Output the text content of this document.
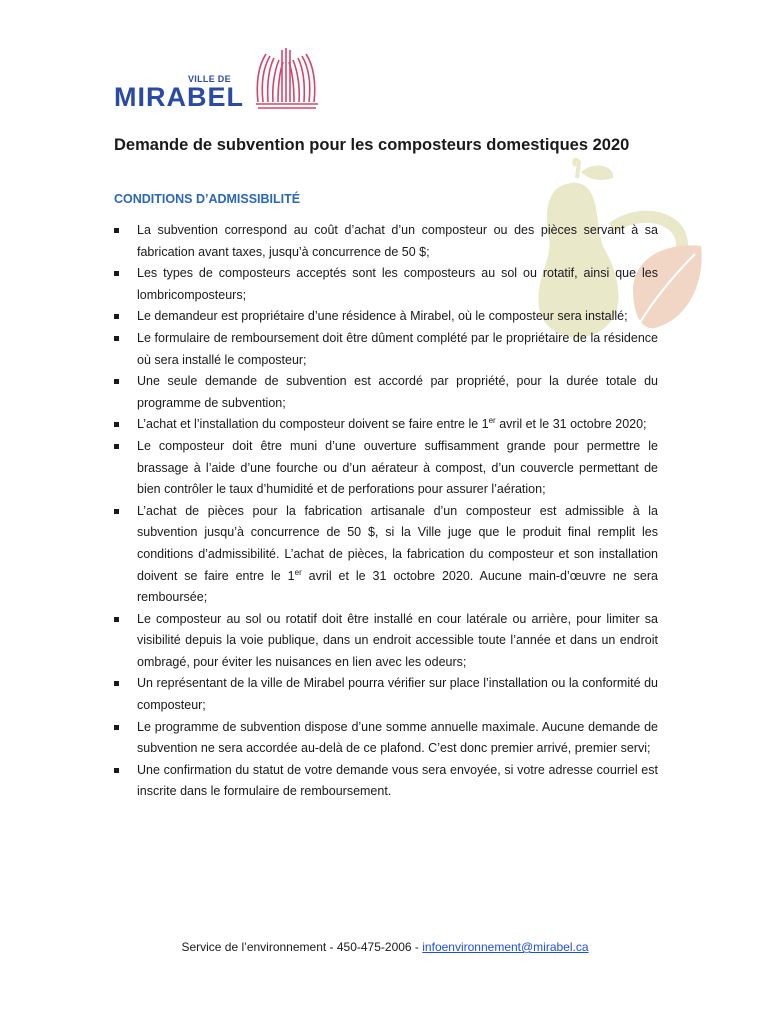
VILLE DE
MIRABEL
Demande de subvention pour les composteurs domestiques 2020
CONDITIONS D’ADMISSIBILITÉ
La subvention correspond au coût d’achat d’un composteur ou des pièces servant à sa fabrication avant taxes, jusqu’à concurrence de 50 $;
Les types de composteurs acceptés sont les composteurs au sol ou rotatif, ainsi que les lombricomposteurs;
Le demandeur est propriétaire d’une résidence à Mirabel, où le composteur sera installé;
Le formulaire de remboursement doit être dûment complété par le propriétaire de la résidence où sera installé le composteur;
Une seule demande de subvention est accordé par propriété, pour la durée totale du programme de subvention;
L’achat et l’installation du composteur doivent se faire entre le 1er avril et le 31 octobre 2020;
Le composteur doit être muni d’une ouverture suffisamment grande pour permettre le brassage à l’aide d’une fourche ou d’un aérateur à compost, d’un couvercle permettant de bien contrôler le taux d’humidité et de perforations pour assurer l’aération;
L’achat de pièces pour la fabrication artisanale d’un composteur est admissible à la subvention jusqu’à concurrence de 50 $, si la Ville juge que le produit final remplit les conditions d’admissibilité. L’achat de pièces, la fabrication du composteur et son installation doivent se faire entre le 1er avril et le 31 octobre 2020. Aucune main-d’œuvre ne sera remboursée;
Le composteur au sol ou rotatif doit être installé en cour latérale ou arrière, pour limiter sa visibilité depuis la voie publique, dans un endroit accessible toute l’année et dans un endroit ombragé, pour éviter les nuisances en lien avec les odeurs;
Un représentant de la ville de Mirabel pourra vérifier sur place l’installation ou la conformité du composteur;
Le programme de subvention dispose d’une somme annuelle maximale. Aucune demande de subvention ne sera accordée au-delà de ce plafond. C’est donc premier arrivé, premier servi;
Une confirmation du statut de votre demande vous sera envoyée, si votre adresse courriel est inscrite dans le formulaire de remboursement.
Service de l’environnement - 450-475-2006 - infoenvironnement@mirabel.ca
